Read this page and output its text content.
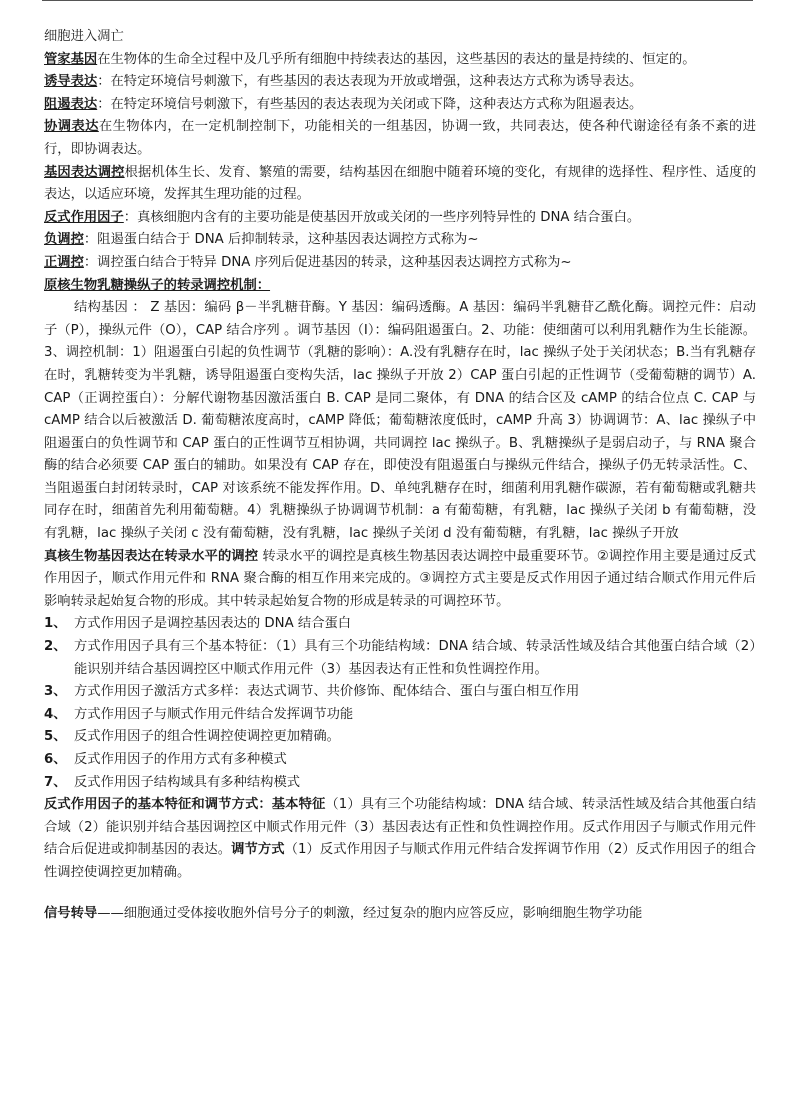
细胞进入凋亡

管家基因在生物体的生命全过程中及几乎所有细胞中持续表达的基因，这些基因的表达的量是持续的、恒定的。

诱导表达：在特定环境信号刺激下，有些基因的表达表现为开放或增强，这种表达方式称为诱导表达。

阻遏表达：在特定环境信号刺激下，有些基因的表达表现为关闭或下降，这种表达方式称为阻遏表达。

协调表达在生物体内，在一定机制控制下，功能相关的一组基因，协调一致，共同表达，使各种代谢途径有条不紊的进行，即协调表达。

基因表达调控根据机体生长、发育、繁殖的需要，结构基因在细胞中随着环境的变化，有规律的选择性、程序性、适度的表达，以适应环境，发挥其生理功能的过程。

反式作用因子：真核细胞内含有的主要功能是使基因开放或关闭的一些序列特异性的 DNA 结合蛋白。

负调控：阻遏蛋白结合于 DNA 后抑制转录，这种基因表达调控方式称为~

正调控：调控蛋白结合于特异 DNA 序列后促进基因的转录，这种基因表达调控方式称为~

原核生物乳糖操纵子的转录调控机制：

结构基因 ： Z 基因：编码 β－半乳糖苷酶。Y 基因：编码透酶。A 基因：编码半乳糖苷乙酰化酶。调控元件：启动子（P），操纵元件（O），CAP 结合序列 。调节基因（I）：编码阻遏蛋白。2、功能：使细菌可以利用乳糖作为生长能源。3、调控机制：1）阻遏蛋白引起的负性调节（乳糖的影响）：A.没有乳糖存在时，lac 操纵子处于关闭状态；B.当有乳糖存在时，乳糖转变为半乳糖，诱导阻遏蛋白变构失活，lac 操纵子开放 2）CAP 蛋白引起的正性调节（受葡萄糖的调节）A. CAP（正调控蛋白）：分解代谢物基因激活蛋白 B. CAP 是同二聚体，有 DNA 的结合区及 cAMP 的结合位点 C. CAP 与 cAMP 结合以后被激活 D. 葡萄糖浓度高时，cAMP 降低；葡萄糖浓度低时，cAMP 升高 3）协调调节：A、lac 操纵子中阻遏蛋白的负性调节和 CAP 蛋白的正性调节互相协调，共同调控 lac 操纵子。B、乳糖操纵子是弱启动子，与 RNA 聚合酶的结合必须要 CAP 蛋白的辅助。如果没有 CAP 存在，即使没有阻遏蛋白与操纵元件结合，操纵子仍无转录活性。C、当阻遏蛋白封闭转录时，CAP 对该系统不能发挥作用。D、单纯乳糖存在时，细菌利用乳糖作碳源，若有葡萄糖或乳糖共同存在时，细菌首先利用葡萄糖。4）乳糖操纵子协调调节机制：a 有葡萄糖，有乳糖，lac 操纵子关闭 b 有葡萄糖，没有乳糖，lac 操纵子关闭 c 没有葡萄糖，没有乳糖，lac 操纵子关闭 d 没有葡萄糖，有乳糖，lac 操纵子开放

真核生物基因表达在转录水平的调控 转录水平的调控是真核生物基因表达调控中最重要环节。②调控作用主要是通过反式作用因子，顺式作用元件和 RNA 聚合酶的相互作用来完成的。③调控方式主要是反式作用因子通过结合顺式作用元件后影响转录起始复合物的形成。其中转录起始复合物的形成是转录的可调控环节。

1、 方式作用因子是调控基因表达的 DNA 结合蛋白
2、 方式作用因子具有三个基本特征：（1）具有三个功能结构域：DNA 结合域、转录活性域及结合其他蛋白结合域（2）能识别并结合基因调控区中顺式作用元件（3）基因表达有正性和负性调控作用。
3、 方式作用因子激活方式多样：表达式调节、共价修饰、配体结合、蛋白与蛋白相互作用
4、 方式作用因子与顺式作用元件结合发挥调节功能
5、 反式作用因子的组合性调控使调控更加精确。
6、 反式作用因子的作用方式有多种模式
7、 反式作用因子结构域具有多种结构模式

反式作用因子的基本特征和调节方式：基本特征（1）具有三个功能结构域：DNA 结合域、转录活性域及结合其他蛋白结合域（2）能识别并结合基因调控区中顺式作用元件（3）基因表达有正性和负性调控作用。反式作用因子与顺式作用元件结合后促进或抑制基因的表达。调节方式（1）反式作用因子与顺式作用元件结合发挥调节作用（2）反式作用因子的组合性调控使调控更加精确。

信号转导——细胞通过受体接收胞外信号分子的刺激，经过复杂的胞内应答反应，影响细胞生物学功能
